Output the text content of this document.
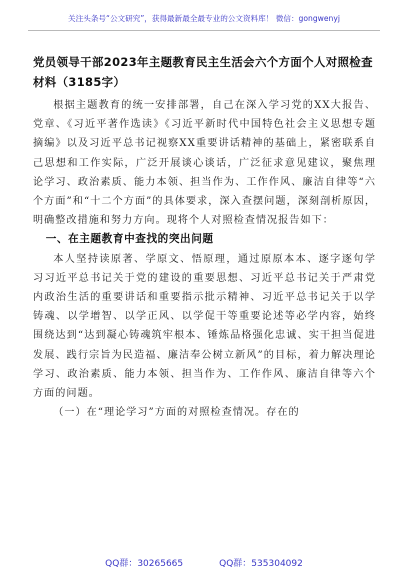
关注头条号“公文研究”，获得最新最全最专业的公文资料库！ 微信：gongwenyj
党员领导干部2023年主题教育民主生活会六个方面个人对照检查材料（3185字）

根据主题教育的统一安排部署，自己在深入学习党的XX大报告、党章、《习近平著作选读》《习近平新时代中国特色社会主义思想专题摘编》以及习近平总书记视察XX重要讲话精神的基础上，紧密联系自己思想和工作实际，广泛开展谈心谈话，广泛征求意见建议，聚焦理论学习、政治素质、能力本领、担当作为、工作作风、廉洁自律等“六个方面”和“十二个方面”的具体要求，深入查摆问题，深刻剖析原因，明确整改措施和努力方向。现将个人对照检查情况报告如下：

一、在主题教育中查找的突出问题

本人坚持读原著、学原文、悟原理，通过原原本本、逐字逐句学习习近平总书记关于党的建设的重要思想、习近平总书记关于严肃党内政治生活的重要讲话和重要指示批示精神、习近平总书记关于以学铸魂、以学增智、以学正风、以学促干等重要论述等必学内容，始终围绕达到“达到凝心铸魂筑牢根本、锤炼品格强化忠诚、实干担当促进发展、践行宗旨为民造福、廉洁奉公树立新风”的目标，着力解决理论学习、政治素质、能力本领、担当作为、工作作风、廉洁自律等六个方面的问题。

（一）在“理论学习”方面的对照检查情况。存在的

QQ群：30265665	QQ群：535304092
